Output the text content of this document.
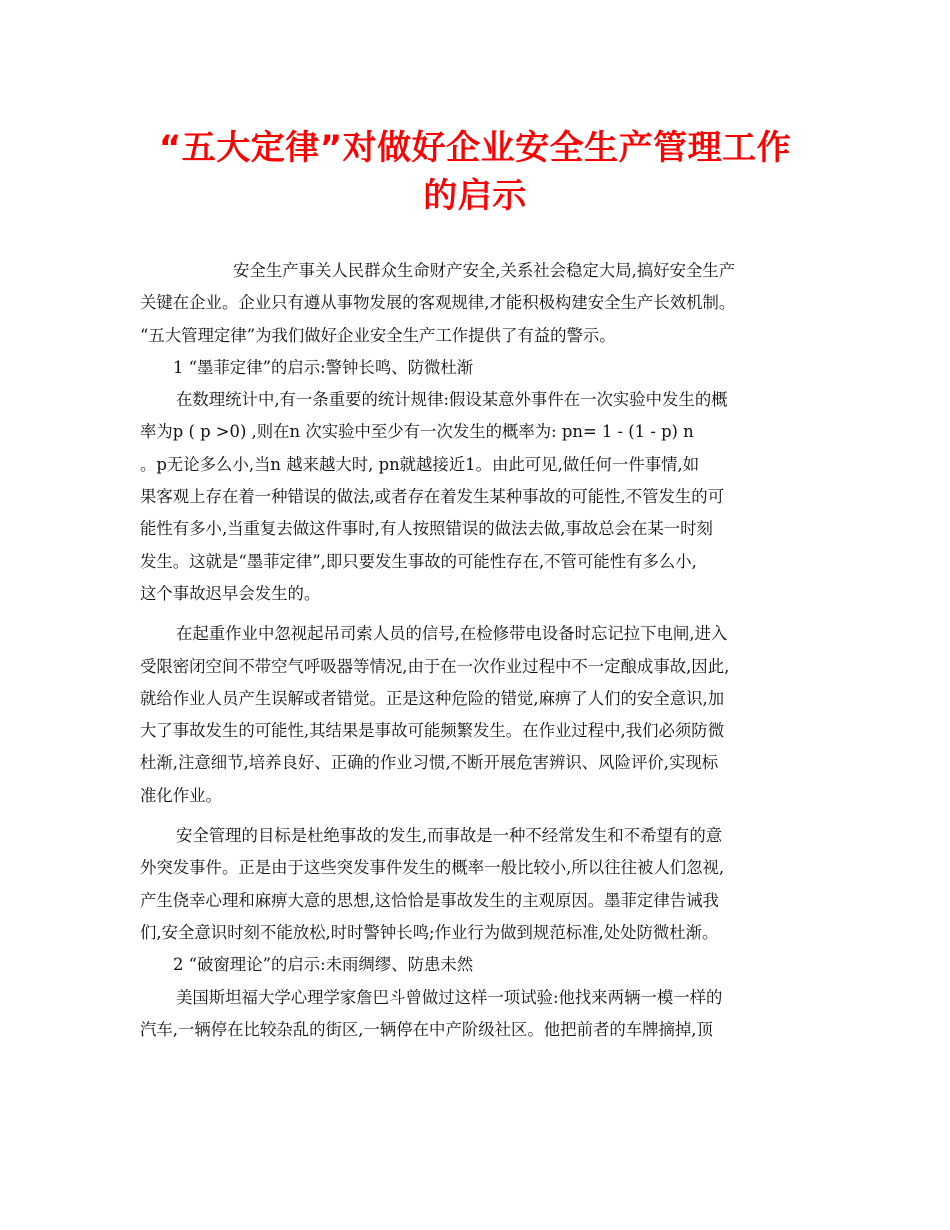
“五大定律”对做好企业安全生产管理工作
的启示
安全生产事关人民群众生命财产安全,关系社会稳定大局,搞好安全生产
关键在企业。企业只有遵从事物发展的客观规律,才能积极构建安全生产长效机制。
“五大管理定律”为我们做好企业安全生产工作提供了有益的警示。
1 “墨菲定律”的启示:警钟长鸣、防微杜渐
在数理统计中,有一条重要的统计规律:假设某意外事件在一次实验中发生的概
率为p ( p >0) ,则在n 次实验中至少有一次发生的概率为: pn= 1 - (1 - p) n
。p无论多么小,当n 越来越大时, pn就越接近1。由此可见,做任何一件事情,如
果客观上存在着一种错误的做法,或者存在着发生某种事故的可能性,不管发生的可
能性有多小,当重复去做这件事时,有人按照错误的做法去做,事故总会在某一时刻
发生。这就是“墨菲定律”,即只要发生事故的可能性存在,不管可能性有多么小,
这个事故迟早会发生的。
在起重作业中忽视起吊司索人员的信号,在检修带电设备时忘记拉下电闸,进入
受限密闭空间不带空气呼吸器等情况,由于在一次作业过程中不一定酿成事故,因此,
就给作业人员产生误解或者错觉。正是这种危险的错觉,麻痹了人们的安全意识,加
大了事故发生的可能性,其结果是事故可能频繁发生。在作业过程中,我们必须防微
杜渐,注意细节,培养良好、正确的作业习惯,不断开展危害辨识、风险评价,实现标
准化作业。
安全管理的目标是杜绝事故的发生,而事故是一种不经常发生和不希望有的意
外突发事件。正是由于这些突发事件发生的概率一般比较小,所以往往被人们忽视,
产生侥幸心理和麻痹大意的思想,这恰恰是事故发生的主观原因。墨菲定律告诫我
们,安全意识时刻不能放松,时时警钟长鸣;作业行为做到规范标准,处处防微杜渐。
2 “破窗理论”的启示:未雨绸缪、防患未然
美国斯坦福大学心理学家詹巴斗曾做过这样一项试验:他找来两辆一模一样的
汽车,一辆停在比较杂乱的街区,一辆停在中产阶级社区。他把前者的车牌摘掉,顶
